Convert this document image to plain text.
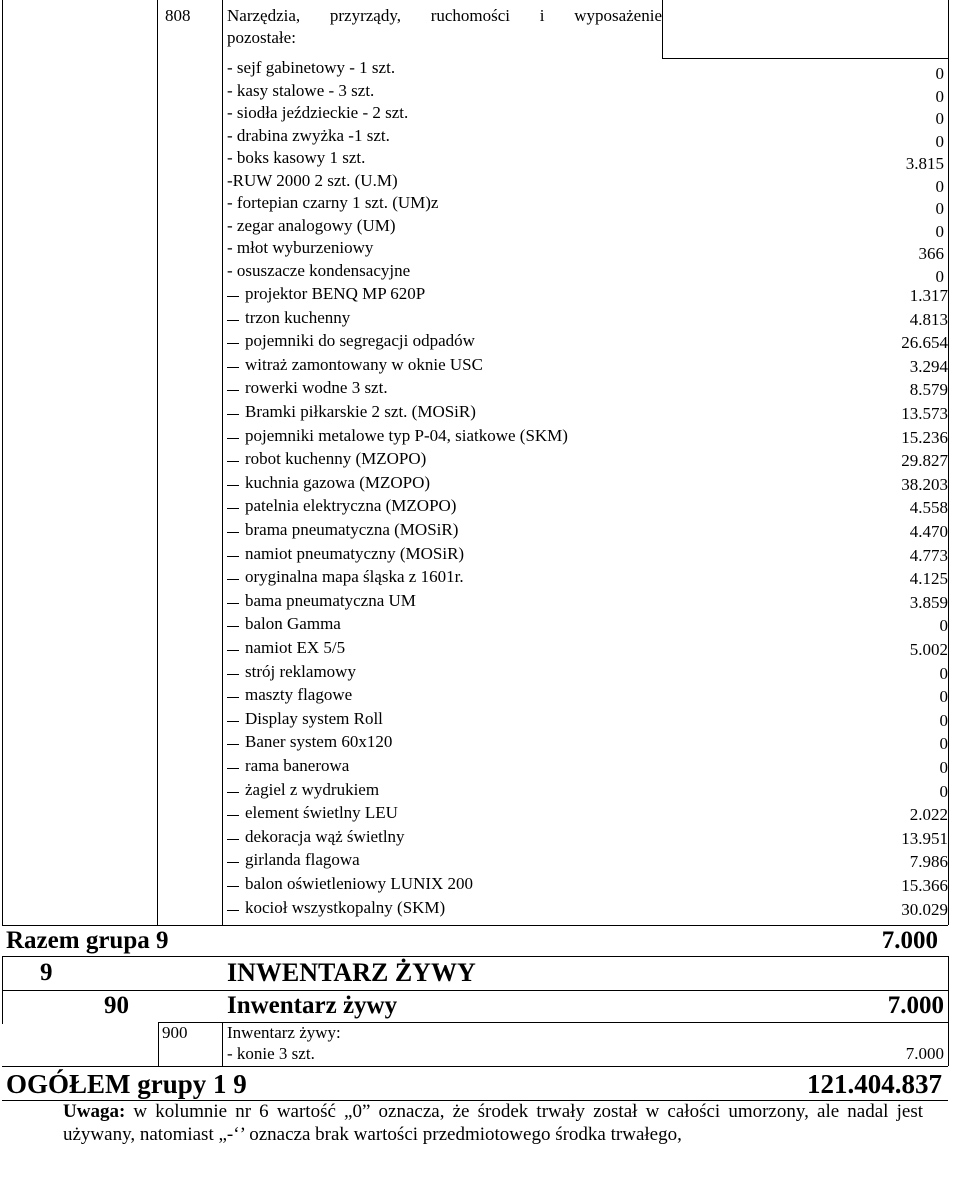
808 Narzędzia, przyrządy, ruchomości i wyposażenie
pozostałe:
- sejf gabinetowy - 1 szt.	0
- kasy stalowe - 3 szt.	0
- siodła jeździeckie - 2 szt.	0
- drabina zwyżka -1 szt.	0
- boks kasowy 1 szt.	3.815
-RUW 2000 2 szt. (U.M)	0
- fortepian czarny 1 szt. (UM)z	0
- zegar analogowy (UM)	0
- młot wyburzeniowy	366
- osuszacze kondensacyjne	0
projektor BENQ MP 620P	1.317
trzon kuchenny	4.813
pojemniki do segregacji odpadów	26.654
witraż zamontowany w oknie USC	3.294
rowerki wodne 3 szt.	8.579
Bramki piłkarskie 2 szt. (MOSiR)	13.573
pojemniki metalowe typ P-04, siatkowe (SKM)	15.236
robot kuchenny (MZOPO)	29.827
kuchnia gazowa (MZOPO)	38.203
patelnia elektryczna (MZOPO)	4.558
brama pneumatyczna (MOSiR)	4.470
namiot pneumatyczny (MOSiR)	4.773
oryginalna mapa śląska z 1601r.	4.125
bama pneumatyczna UM	3.859
balon Gamma	0
namiot EX 5/5	5.002
strój reklamowy	0
maszty flagowe	0
Display system Roll	0
Baner system 60x120	0
rama banerowa	0
żagiel z wydrukiem	0
element świetlny LEU	2.022
dekoracja wąż świetlny	13.951
girlanda flagowa	7.986
balon oświetleniowy LUNIX 200	15.366
kocioł wszystkopalny (SKM)	30.029
Razem grupa 9	7.000
9	INWENTARZ ŻYWY
90	Inwentarz żywy	7.000
900 Inwentarz żywy:
- konie 3 szt.	7.000
OGÓŁEM grupy 1 9	121.404.837
Uwaga: w kolumnie nr 6 wartość „0” oznacza, że środek trwały został w całości umorzony, ale nadal jest używany, natomiast „-‘’ oznacza brak wartości przedmiotowego środka trwałego,
